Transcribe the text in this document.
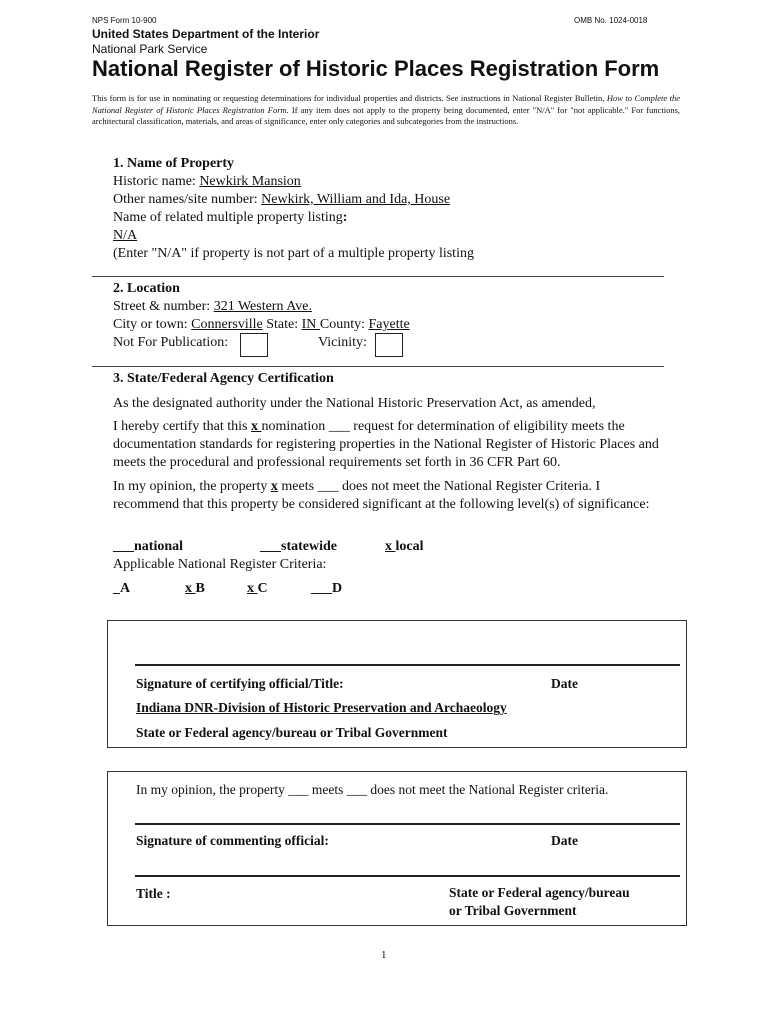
NPS Form 10-900	OMB No. 1024-0018
United States Department of the Interior
National Park Service
National Register of Historic Places Registration Form
This form is for use in nominating or requesting determinations for individual properties and districts. See instructions in National Register Bulletin, How to Complete the National Register of Historic Places Registration Form. If any item does not apply to the property being documented, enter "N/A" for "not applicable." For functions, architectural classification, materials, and areas of significance, enter only categories and subcategories from the instructions.
1. Name of Property
Historic name: Newkirk Mansion
Other names/site number: Newkirk, William and Ida, House
Name of related multiple property listing:
N/A
(Enter "N/A" if property is not part of a multiple property listing
2. Location
Street & number: 321 Western Ave.
City or town: Connersville State: IN County: Fayette
Not For Publication:	Vicinity:
3. State/Federal Agency Certification
As the designated authority under the National Historic Preservation Act, as amended,
I hereby certify that this x nomination ___ request for determination of eligibility meets the documentation standards for registering properties in the National Register of Historic Places and meets the procedural and professional requirements set forth in 36 CFR Part 60.
In my opinion, the property x meets ___ does not meet the National Register Criteria. I recommend that this property be considered significant at the following level(s) of significance:
___national	___statewide	x local
Applicable National Register Criteria:
_A	x B	x C	___D
Signature of certifying official/Title:	Date
Indiana DNR-Division of Historic Preservation and Archaeology
State or Federal agency/bureau or Tribal Government
In my opinion, the property ___ meets ___ does not meet the National Register criteria.
Signature of commenting official:	Date
Title :	State or Federal agency/bureau
or Tribal Government
1
